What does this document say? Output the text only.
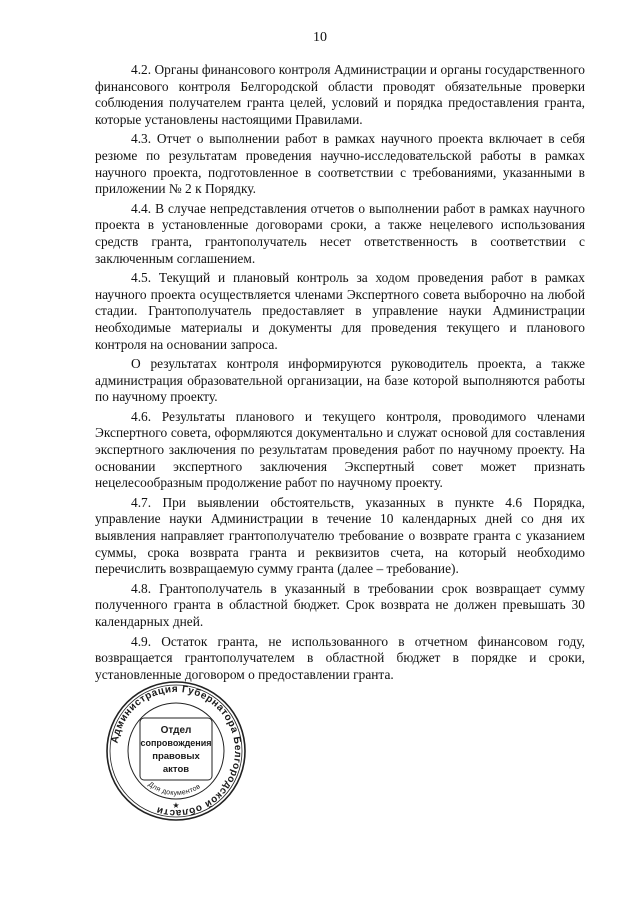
10

4.2. Органы финансового контроля Администрации и органы государственного финансового контроля Белгородской области проводят обязательные проверки соблюдения получателем гранта целей, условий и порядка предоставления гранта, которые установлены настоящими Правилами.

4.3. Отчет о выполнении работ в рамках научного проекта включает в себя резюме по результатам проведения научно-исследовательской работы в рамках научного проекта, подготовленное в соответствии с требованиями, указанными в приложении № 2 к Порядку.

4.4. В случае непредставления отчетов о выполнении работ в рамках научного проекта в установленные договорами сроки, а также нецелевого использования средств гранта, грантополучатель несет ответственность в соответствии с заключенным соглашением.

4.5. Текущий и плановый контроль за ходом проведения работ в рамках научного проекта осуществляется членами Экспертного совета выборочно на любой стадии. Грантополучатель предоставляет в управление науки Администрации необходимые материалы и документы для проведения текущего и планового контроля на основании запроса.

О результатах контроля информируются руководитель проекта, а также администрация образовательной организации, на базе которой выполняются работы по научному проекту.

4.6. Результаты планового и текущего контроля, проводимого членами Экспертного совета, оформляются документально и служат основой для составления экспертного заключения по результатам проведения работ по научному проекту. На основании экспертного заключения Экспертный совет может признать нецелесообразным продолжение работ по научному проекту.

4.7. При выявлении обстоятельств, указанных в пункте 4.6 Порядка, управление науки Администрации в течение 10 календарных дней со дня их выявления направляет грантополучателю требование о возврате гранта с указанием суммы, срока возврата гранта и реквизитов счета, на который необходимо перечислить возвращаемую сумму гранта (далее – требование).

4.8. Грантополучатель в указанный в требовании срок возвращает сумму полученного гранта в областной бюджет. Срок возврата не должен превышать 30 календарных дней.

4.9. Остаток гранта, не использованного в отчетном финансовом году, возвращается грантополучателем в областной бюджет в порядке и сроки, установленные договором о предоставлении гранта.

Администрация Губернатора Белгородской области
Для документов
Отдел
сопровождения
правовых
актов
★
